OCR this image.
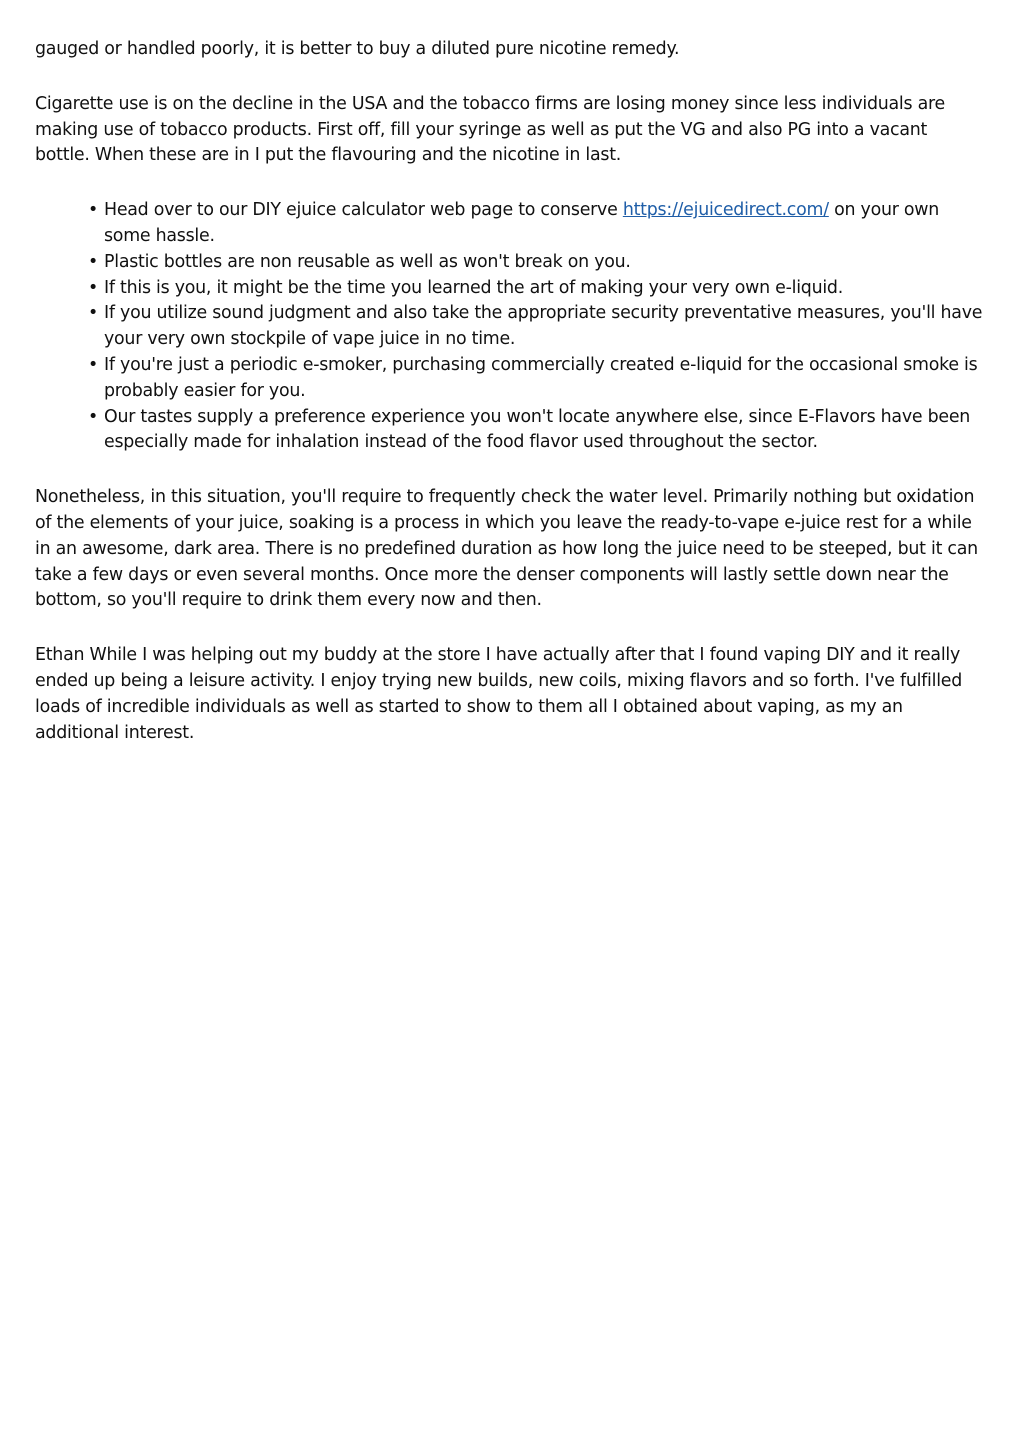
gauged or handled poorly, it is better to buy a diluted pure nicotine remedy.

Cigarette use is on the decline in the USA and the tobacco firms are losing money since less individuals are making use of tobacco products. First off, fill your syringe as well as put the VG and also PG into a vacant bottle. When these are in I put the flavouring and the nicotine in last.

• Head over to our DIY ejuice calculator web page to conserve https://ejuicedirect.com/ on your own some hassle.
• Plastic bottles are non reusable as well as won't break on you.
• If this is you, it might be the time you learned the art of making your very own e-liquid.
• If you utilize sound judgment and also take the appropriate security preventative measures, you'll have your very own stockpile of vape juice in no time.
• If you're just a periodic e-smoker, purchasing commercially created e-liquid for the occasional smoke is probably easier for you.
• Our tastes supply a preference experience you won't locate anywhere else, since E-Flavors have been especially made for inhalation instead of the food flavor used throughout the sector.

Nonetheless, in this situation, you'll require to frequently check the water level. Primarily nothing but oxidation of the elements of your juice, soaking is a process in which you leave the ready-to-vape e-juice rest for a while in an awesome, dark area. There is no predefined duration as how long the juice need to be steeped, but it can take a few days or even several months. Once more the denser components will lastly settle down near the bottom, so you'll require to drink them every now and then.

Ethan While I was helping out my buddy at the store I have actually after that I found vaping DIY and it really ended up being a leisure activity. I enjoy trying new builds, new coils, mixing flavors and so forth. I've fulfilled loads of incredible individuals as well as started to show to them all I obtained about vaping, as my an additional interest.
